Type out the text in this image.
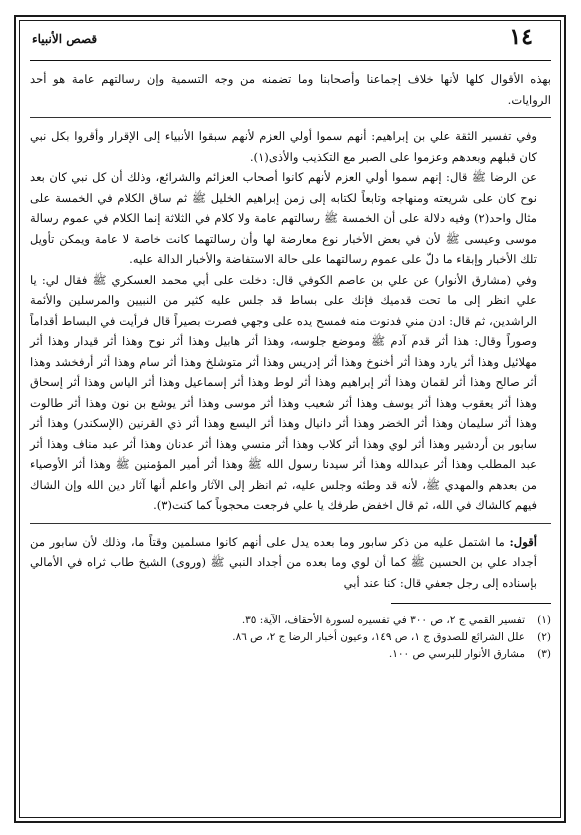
١٤
قصص الأنبياء

بهذه الأقوال كلها لأنها خلاف إجماعنا وأصحابنا وما تضمنه من وجه التسمية وإن رسالتهم عامة هو أحد الروايات.

وفي تفسير الثقة علي بن إبراهيم: أنهم سموا أولي العزم لأنهم سبقوا الأنبياء إلى الإقرار وأقروا بكل نبي كان قبلهم وبعدهم وعزموا على الصبر مع التكذيب والأذى(١).

عن الرضا ﷺ قال: إنهم سموا أولي العزم لأنهم كانوا أصحاب العزائم والشرائع، وذلك أن كل نبي كان بعد نوح كان على شريعته ومنهاجه وتابعاً لكتابه إلى زمن إبراهيم الخليل ﷺ ثم ساق الكلام في الخمسة على مثال واحد(٢) وفيه دلالة على أن الخمسة ﷺ رسالتهم عامة ولا كلام في الثلاثة إنما الكلام في عموم رسالة موسى وعيسى ﷺ لأن في بعض الأخبار نوع معارضة لها وأن رسالتهما كانت خاصة لا عامة ويمكن تأويل تلك الأخبار وإبقاء ما دلّ على عموم رسالتهما على حالة الاستفاضة والأخبار الدالة عليه.

وفي (مشارق الأنوار) عن علي بن عاصم الكوفي قال: دخلت على أبي محمد العسكري ﷺ فقال لي: يا علي انظر إلى ما تحت قدميك فإنك على بساط قد جلس عليه كثير من النبيين والمرسلين والأئمة الراشدين، ثم قال: ادن مني فدنوت منه فمسح يده على وجهي فصرت بصيراً قال فرأيت في البساط أقداماً وصوراً وقال: هذا أثر قدم آدم ﷺ وموضع جلوسه، وهذا أثر هابيل وهذا أثر نوح وهذا أثر قيدار وهذا أثر مهلائيل وهذا أثر يارد وهذا أثر أخنوخ وهذا أثر إدريس وهذا أثر متوشلخ وهذا أثر سام وهذا أثر أرفخشد وهذا أثر صالح وهذا أثر لقمان وهذا أثر إبراهيم وهذا أثر لوط وهذا أثر إسماعيل وهذا أثر الياس وهذا أثر إسحاق وهذا أثر يعقوب وهذا أثر يوسف وهذا أثر شعيب وهذا أثر موسى وهذا أثر يوشع بن نون وهذا أثر طالوت وهذا أثر سليمان وهذا أثر الخضر وهذا أثر دانيال وهذا أثر اليسع وهذا أثر ذي القرنين (الإسكندر) وهذا أثر سابور بن أردشير وهذا أثر لوي وهذا أثر كلاب وهذا أثر منسي وهذا أثر عدنان وهذا أثر عبد مناف وهذا أثر عبد المطلب وهذا أثر عبدالله وهذا أثر سيدنا رسول الله ﷺ وهذا أثر أمير المؤمنين ﷺ وهذا أثر الأوصياء من بعدهم والمهدي ﷺ، لأنه قد وطئه وجلس عليه، ثم انظر إلى الآثار واعلم أنها آثار دين الله وإن الشاك فيهم كالشاك في الله، ثم قال اخفض طرفك يا علي فرجعت محجوباً كما كنت(٣).

أقول: ما اشتمل عليه من ذكر سابور وما بعده يدل على أنهم كانوا مسلمين وقتاً ما، وذلك لأن سابور من أجداد علي بن الحسين ﷺ كما أن لوي وما بعده من أجداد النبي ﷺ (وروى) الشيخ طاب ثراه في الأمالي بإسناده إلى رجل جعفي قال: كنا عند أبي

(١)تفسير القمي ج ٢، ص ٣٠٠ في تفسيره لسورة الأحقاف، الآية: ٣٥.
(٢)علل الشرائع للصدوق ج ١، ص ١٤٩، وعيون أخبار الرضا ج ٢، ص ٨٦.
(٣)مشارق الأنوار للبرسي ص ١٠٠.
